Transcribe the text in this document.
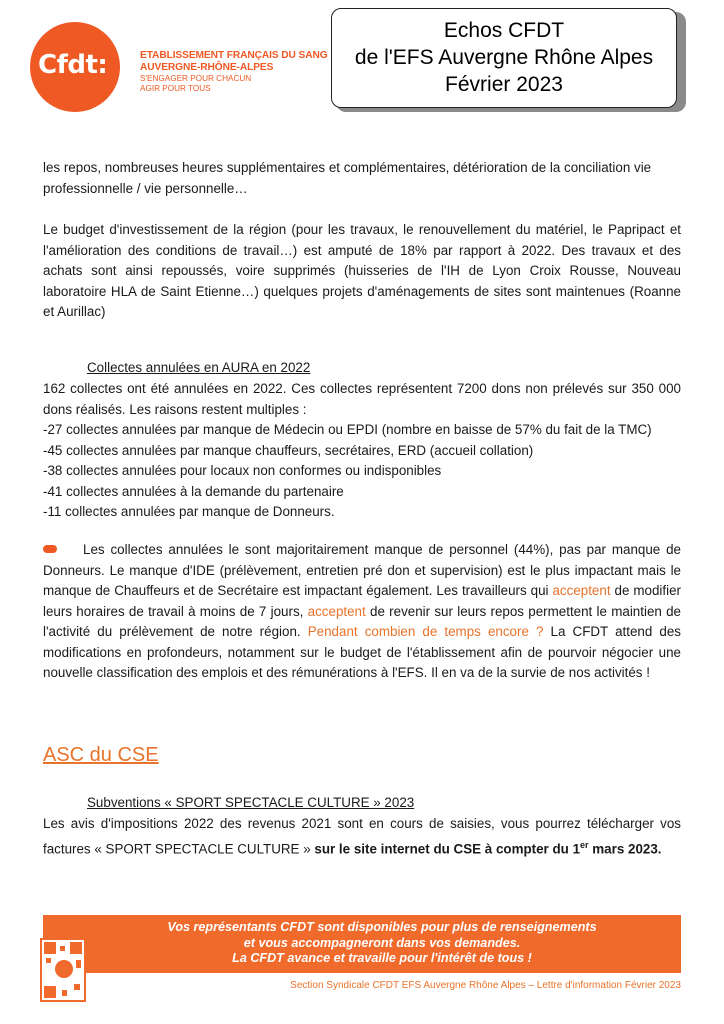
Cfdt:	ETABLISSEMENT FRANÇAIS DU SANG
AUVERGNE-RHÔNE-ALPES
S'ENGAGER POUR CHACUN
AGIR POUR TOUS
Echos CFDT
de l'EFS Auvergne Rhône Alpes
Février 2023
les repos, nombreuses heures supplémentaires et complémentaires, détérioration de la conciliation vie professionnelle / vie personnelle…
Le budget d'investissement de la région (pour les travaux, le renouvellement du matériel, le Papripact et l'amélioration des conditions de travail…) est amputé de 18% par rapport à 2022. Des travaux et des achats sont ainsi repoussés, voire supprimés (huisseries de l'IH de Lyon Croix Rousse, Nouveau laboratoire HLA de Saint Etienne…) quelques projets d'aménagements de sites sont maintenues (Roanne et Aurillac)
Collectes annulées en AURA en 2022
162 collectes ont été annulées en 2022. Ces collectes représentent 7200 dons non prélevés sur 350 000 dons réalisés. Les raisons restent multiples :
-27 collectes annulées par manque de Médecin ou EPDI (nombre en baisse de 57% du fait de la TMC)
-45 collectes annulées par manque chauffeurs, secrétaires, ERD (accueil collation)
-38 collectes annulées pour locaux non conformes ou indisponibles
-41 collectes annulées à la demande du partenaire
-11 collectes annulées par manque de Donneurs.
Les collectes annulées le sont majoritairement manque de personnel (44%), pas par manque de Donneurs. Le manque d'IDE (prélèvement, entretien pré don et supervision) est le plus impactant mais le manque de Chauffeurs et de Secrétaire est impactant également. Les travailleurs qui acceptent de modifier leurs horaires de travail à moins de 7 jours, acceptent de revenir sur leurs repos permettent le maintien de l'activité du prélèvement de notre région. Pendant combien de temps encore ? La CFDT attend des modifications en profondeurs, notamment sur le budget de l'établissement afin de pourvoir négocier une nouvelle classification des emplois et des rémunérations à l'EFS. Il en va de la survie de nos activités !
ASC du CSE
Subventions « SPORT SPECTACLE CULTURE » 2023
Les avis d'impositions 2022 des revenus 2021 sont en cours de saisies, vous pourrez télécharger vos factures « SPORT SPECTACLE CULTURE » sur le site internet du CSE à compter du 1er mars 2023.
Vos représentants CFDT sont disponibles pour plus de renseignements
et vous accompagneront dans vos demandes.
La CFDT avance et travaille pour l'intérêt de tous !
Section Syndicale CFDT EFS Auvergne Rhône Alpes – Lettre d'information Février 2023
